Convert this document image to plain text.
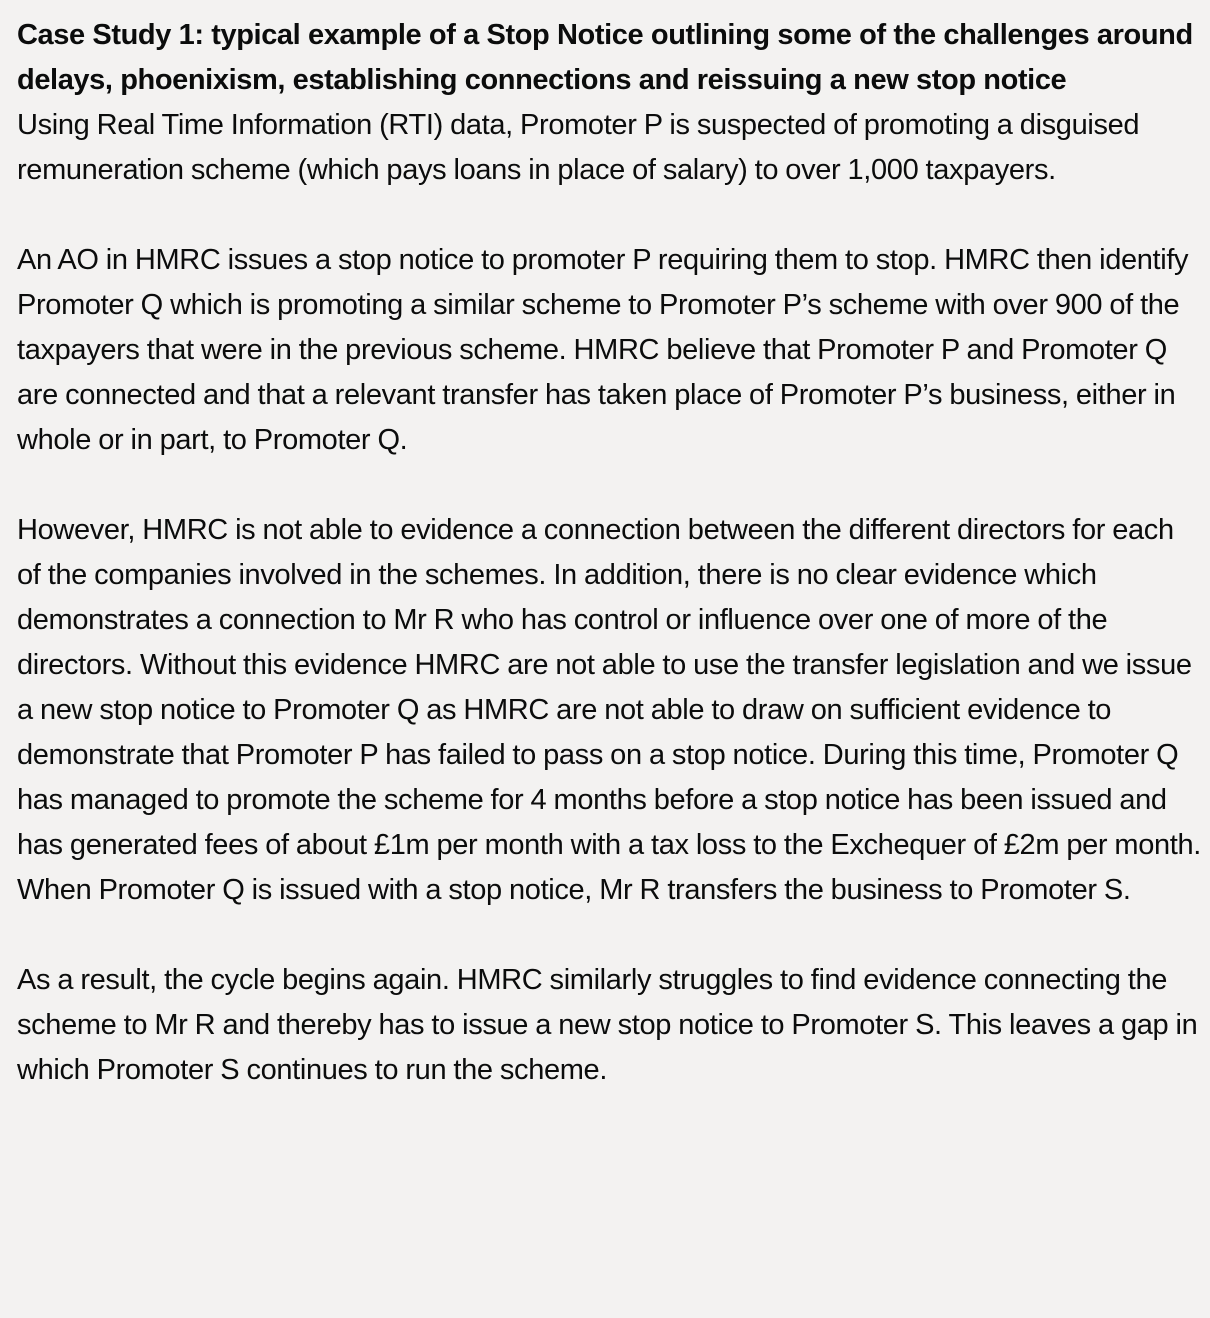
Case Study 1: typical example of a Stop Notice outlining some of the challenges around delays, phoenixism, establishing connections and reissuing a new stop notice

Using Real Time Information (RTI) data, Promoter P is suspected of promoting a disguised remuneration scheme (which pays loans in place of salary) to over 1,000 taxpayers.

An AO in HMRC issues a stop notice to promoter P requiring them to stop. HMRC then identify Promoter Q which is promoting a similar scheme to Promoter P’s scheme with over 900 of the taxpayers that were in the previous scheme. HMRC believe that Promoter P and Promoter Q are connected and that a relevant transfer has taken place of Promoter P’s business, either in whole or in part, to Promoter Q.

However, HMRC is not able to evidence a connection between the different directors for each of the companies involved in the schemes. In addition, there is no clear evidence which demonstrates a connection to Mr R who has control or influence over one of more of the directors. Without this evidence HMRC are not able to use the transfer legislation and we issue a new stop notice to Promoter Q as HMRC are not able to draw on sufficient evidence to demonstrate that Promoter P has failed to pass on a stop notice. During this time, Promoter Q has managed to promote the scheme for 4 months before a stop notice has been issued and has generated fees of about £1m per month with a tax loss to the Exchequer of £2m per month. When Promoter Q is issued with a stop notice, Mr R transfers the business to Promoter S.

As a result, the cycle begins again. HMRC similarly struggles to find evidence connecting the scheme to Mr R and thereby has to issue a new stop notice to Promoter S. This leaves a gap in which Promoter S continues to run the scheme.
